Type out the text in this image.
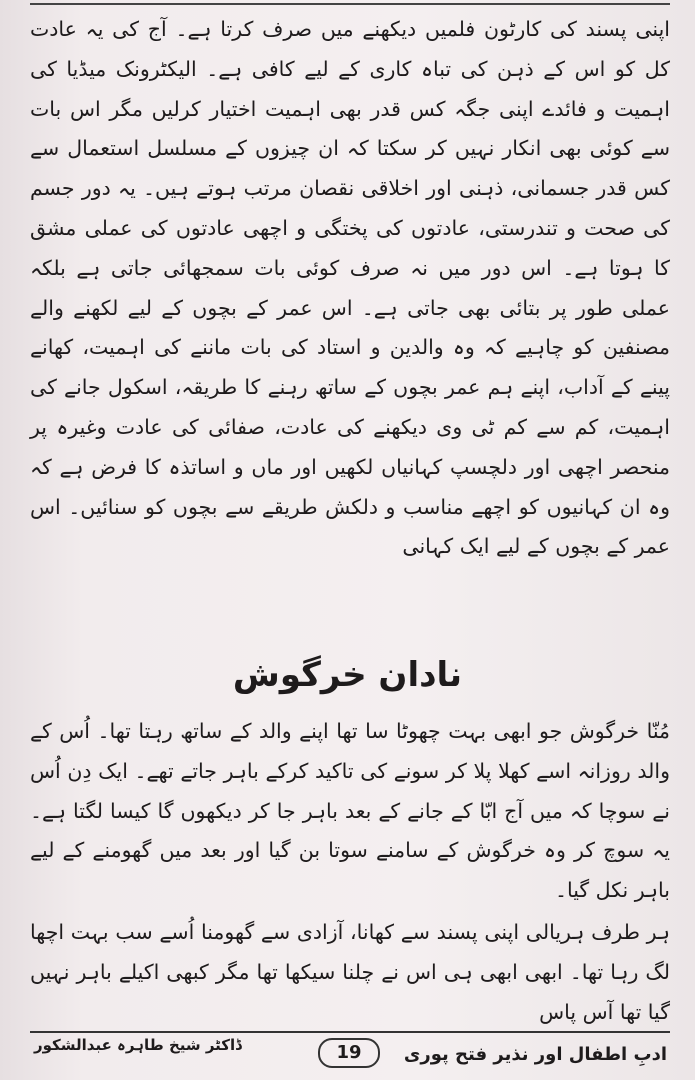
اپنی پسند کی کارٹون فلمیں دیکھنے میں صرف کرتا ہے۔ آج کی یہ عادت کل کو اس کے ذہن کی تباہ کاری کے لیے کافی ہے۔ الیکٹرونک میڈیا کی اہمیت و فائدے اپنی جگہ کس قدر بھی اہمیت اختیار کرلیں مگر اس بات سے کوئی بھی انکار نہیں کر سکتا کہ ان چیزوں کے مسلسل استعمال سے کس قدر جسمانی، ذہنی اور اخلاقی نقصان مرتب ہوتے ہیں۔ یہ دور جسم کی صحت و تندرستی، عادتوں کی پختگی و اچھی عادتوں کی عملی مشق کا ہوتا ہے۔ اس دور میں نہ صرف کوئی بات سمجھائی جاتی ہے بلکہ عملی طور پر بتائی بھی جاتی ہے۔ اس عمر کے بچوں کے لیے لکھنے والے مصنفین کو چاہیے کہ وہ والدین و استاد کی بات ماننے کی اہمیت، کھانے پینے کے آداب، اپنے ہم عمر بچوں کے ساتھ رہنے کا طریقہ، اسکول جانے کی اہمیت، کم سے کم ٹی وی دیکھنے کی عادت، صفائی کی عادت وغیرہ پر منحصر اچھی اور دلچسپ کہانیاں لکھیں اور ماں و اساتذہ کا فرض ہے کہ وہ ان کہانیوں کو اچھے مناسب و دلکش طریقے سے بچوں کو سنائیں۔ اس عمر کے بچوں کے لیے ایک کہانی

نادان خرگوش

مُنّا خرگوش جو ابھی بہت چھوٹا سا تھا اپنے والد کے ساتھ رہتا تھا۔ اُس کے والد روزانہ اسے کھلا پلا کر سونے کی تاکید کرکے باہر جاتے تھے۔ ایک دِن اُس نے سوچا کہ میں آج ابّا کے جانے کے بعد باہر جا کر دیکھوں گا کیسا لگتا ہے۔ یہ سوچ کر وہ خرگوش کے سامنے سوتا بن گیا اور بعد میں گھومنے کے لیے باہر نکل گیا۔

ہر طرف ہریالی اپنی پسند سے کھانا، آزادی سے گھومنا اُسے سب بہت اچھا لگ رہا تھا۔ ابھی ابھی ہی اس نے چلنا سیکھا تھا مگر کبھی اکیلے باہر نہیں گیا تھا آس پاس

ڈاکٹر شیخ طاہرہ عبدالشکور	19	ادبِ اطفال اور نذیر فتح پوری
